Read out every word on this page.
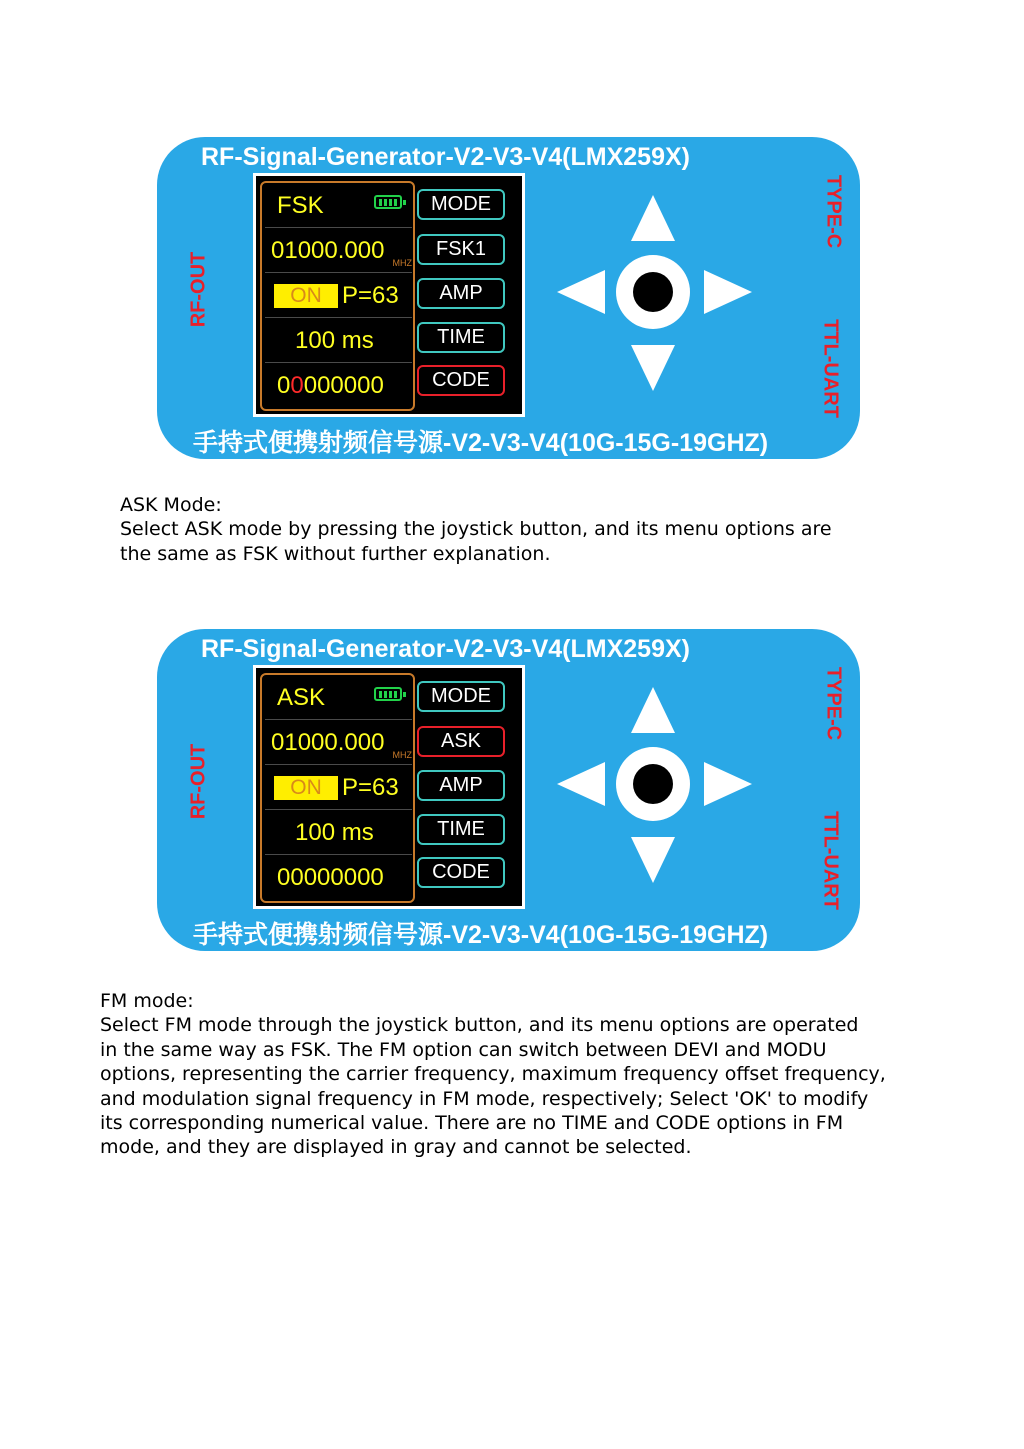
RF-Signal-Generator-V2-V3-V4(LMX259X)
RF-OUT
TYPE-C
TTL-UART
FSK
01000.000 MHZ
ON P=63
100 ms
00000000
MODE
FSK1
AMP
TIME
CODE
手持式便携射频信号源-V2-V3-V4(10G-15G-19GHZ)
ASK Mode:
Select ASK mode by pressing the joystick button, and its menu options are
the same as FSK without further explanation.
RF-Signal-Generator-V2-V3-V4(LMX259X)
RF-OUT
TYPE-C
TTL-UART
ASK
01000.000 MHZ
ON P=63
100 ms
00000000
MODE
ASK
AMP
TIME
CODE
手持式便携射频信号源-V2-V3-V4(10G-15G-19GHZ)
FM mode:
Select FM mode through the joystick button, and its menu options are operated
in the same way as FSK. The FM option can switch between DEVI and MODU
options, representing the carrier frequency, maximum frequency offset frequency,
and modulation signal frequency in FM mode, respectively; Select 'OK' to modify
its corresponding numerical value. There are no TIME and CODE options in FM
mode, and they are displayed in gray and cannot be selected.
